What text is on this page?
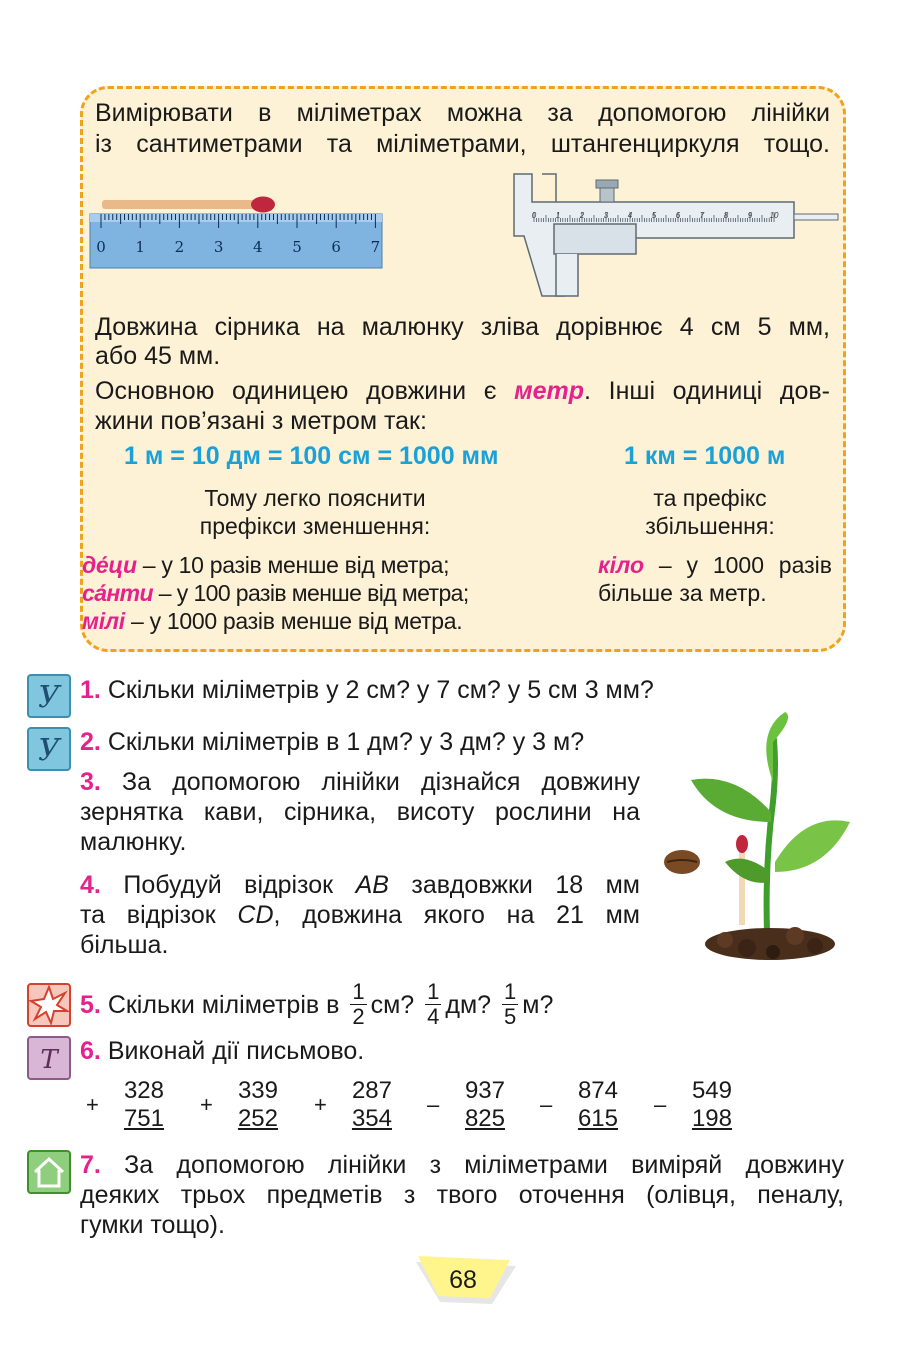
Вимірювати в міліметрах можна за допомогою лінійки
із сантиметрами та міліметрами, штангенциркуля тощо.
0 1 2 3 4 5 6 7
0 1 2 3 4 5 6 7 8 9 10
Довжина сірника на малюнку зліва дорівнює 4 см 5 мм,
або 45 мм.
Основною одиницею довжини є метр. Інші одиниці дов-
жини пов’язані з метром так:
1 м = 10 дм = 100 см = 1000 мм	1 км = 1000 м
Тому легко пояснити
префікси зменшення:
та префікс
збільшення:
де́ци – у 10 разів менше від метра;
са́нти – у 100 разів менше від метра;
мілі – у 1000 разів менше від метра.
кіло – у 1000 разів
більше за метр.
У 1. Скільки міліметрів у 2 см? у 7 см? у 5 см 3 мм?
У 2. Скільки міліметрів в 1 дм? у 3 дм? у 3 м?
3. За допомогою лінійки дізнайся довжину
зернятка кави, сірника, висоту рослини на
малюнку.
4. Побудуй відрізок AB завдовжки 18 мм
та відрізок CD, довжина якого на 21 мм
більша.
5.
Скільки міліметрів в
$\frac{1}{2}$ см?
$\frac{1}{4}$ дм?
$\frac{1}{5} м$?
Т 6. Виконай дії письмово.
+
328
751
+
339
252
+
287
354
–
937
825
–
874
615
–
549
198
7. За допомогою лінійки з міліметрами виміряй довжину
деяких трьох предметів з твого оточення (олівця, пеналу,
гумки тощо).
68
